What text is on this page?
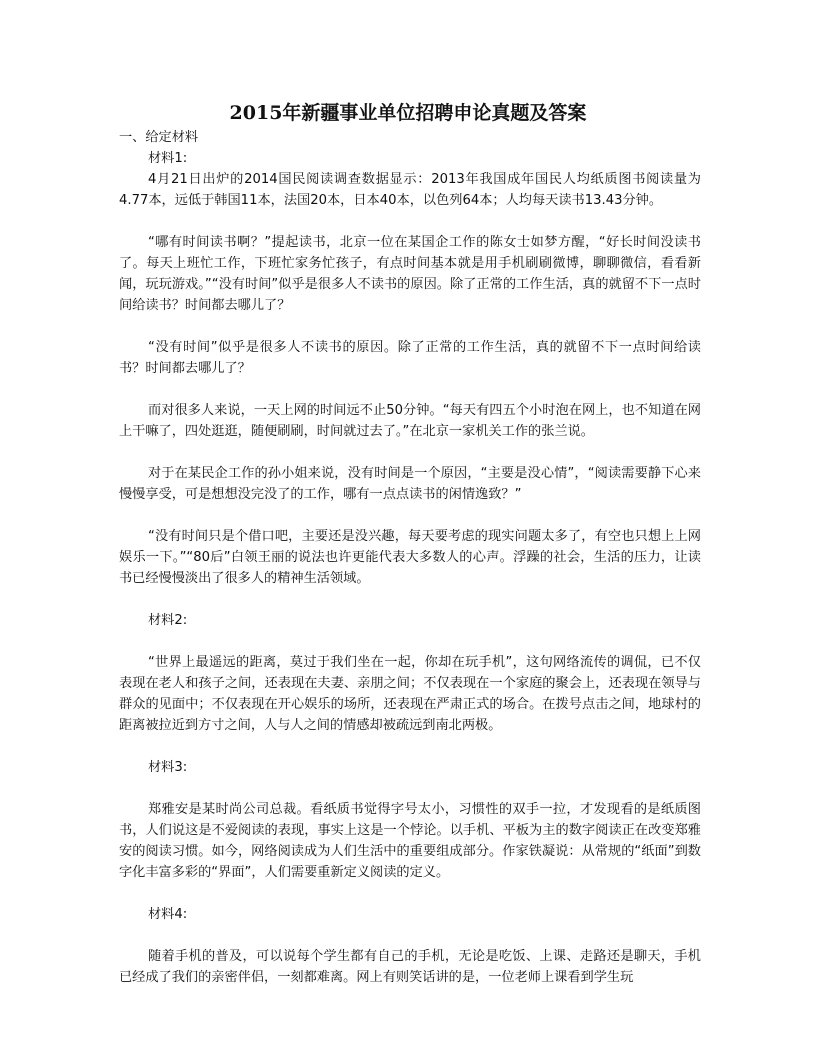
2015年新疆事业单位招聘申论真题及答案

一、给定材料

材料1:

4月21日出炉的2014国民阅读调查数据显示：2013年我国成年国民人均纸质图书阅读量为4.77本，远低于韩国11本，法国20本，日本40本，以色列64本；人均每天读书13.43分钟。

“哪有时间读书啊？”提起读书，北京一位在某国企工作的陈女士如梦方醒，“好长时间没读书了。每天上班忙工作，下班忙家务忙孩子，有点时间基本就是用手机刷刷微博，聊聊微信，看看新闻，玩玩游戏。”“没有时间”似乎是很多人不读书的原因。除了正常的工作生活，真的就留不下一点时间给读书？时间都去哪儿了？

“没有时间”似乎是很多人不读书的原因。除了正常的工作生活，真的就留不下一点时间给读书？时间都去哪儿了？

而对很多人来说，一天上网的时间远不止50分钟。“每天有四五个小时泡在网上，也不知道在网上干嘛了，四处逛逛，随便刷刷，时间就过去了。”在北京一家机关工作的张兰说。

对于在某民企工作的孙小姐来说，没有时间是一个原因，“主要是没心情”，“阅读需要静下心来慢慢享受，可是想想没完没了的工作，哪有一点点读书的闲情逸致？”

“没有时间只是个借口吧，主要还是没兴趣，每天要考虑的现实问题太多了，有空也只想上上网娱乐一下。”“80后”白领王丽的说法也许更能代表大多数人的心声。浮躁的社会，生活的压力，让读书已经慢慢淡出了很多人的精神生活领域。

材料2:

“世界上最遥远的距离，莫过于我们坐在一起，你却在玩手机”，这句网络流传的调侃，已不仅表现在老人和孩子之间，还表现在夫妻、亲朋之间；不仅表现在一个家庭的聚会上，还表现在领导与群众的见面中；不仅表现在开心娱乐的场所，还表现在严肃正式的场合。在拨号点击之间，地球村的距离被拉近到方寸之间，人与人之间的情感却被疏远到南北两极。

材料3:

郑雅安是某时尚公司总裁。看纸质书觉得字号太小，习惯性的双手一拉，才发现看的是纸质图书，人们说这是不爱阅读的表现，事实上这是一个悖论。以手机、平板为主的数字阅读正在改变郑雅安的阅读习惯。如今，网络阅读成为人们生活中的重要组成部分。作家铁凝说：从常规的“纸面”到数字化丰富多彩的“界面”，人们需要重新定义阅读的定义。

材料4:

随着手机的普及，可以说每个学生都有自己的手机，无论是吃饭、上课、走路还是聊天，手机已经成了我们的亲密伴侣，一刻都难离。网上有则笑话讲的是，一位老师上课看到学生玩
